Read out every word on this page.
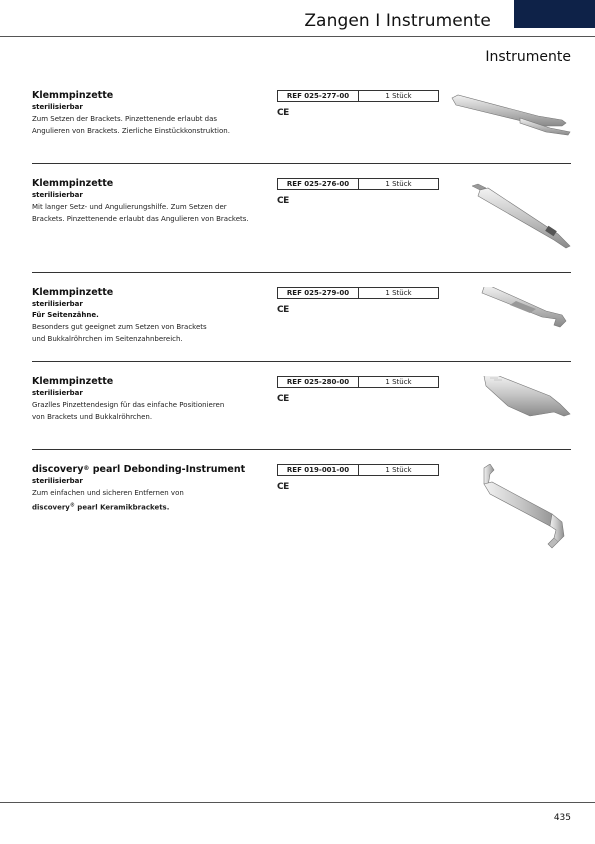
Zangen I Instrumente
Instrumente
Klemmpinzette
sterilisierbar
Zum Setzen der Brackets. Pinzettenende erlaubt das
Angulieren von Brackets. Zierliche Einstückkonstruktion.
REF 025-277-00	1 Stück
CE
Klemmpinzette
sterilisierbar
Mit langer Setz- und Angulierungshilfe. Zum Setzen der
Brackets. Pinzettenende erlaubt das Angulieren von Brackets.
REF 025-276-00	1 Stück
CE
Klemmpinzette
sterilisierbar
Für Seitenzähne.
Besonders gut geeignet zum Setzen von Brackets
und Bukkalröhrchen im Seitenzahnbereich.
REF 025-279-00	1 Stück
CE
Klemmpinzette
sterilisierbar
Grazlles Pinzettendesign für das einfache Positionieren
von Brackets und Bukkalröhrchen.
REF 025-280-00	1 Stück
CE
discovery® pearl Debonding-Instrument
sterilisierbar
Zum einfachen und sicheren Entfernen von
discovery® pearl Keramikbrackets.
REF 019-001-00	1 Stück
CE
435
